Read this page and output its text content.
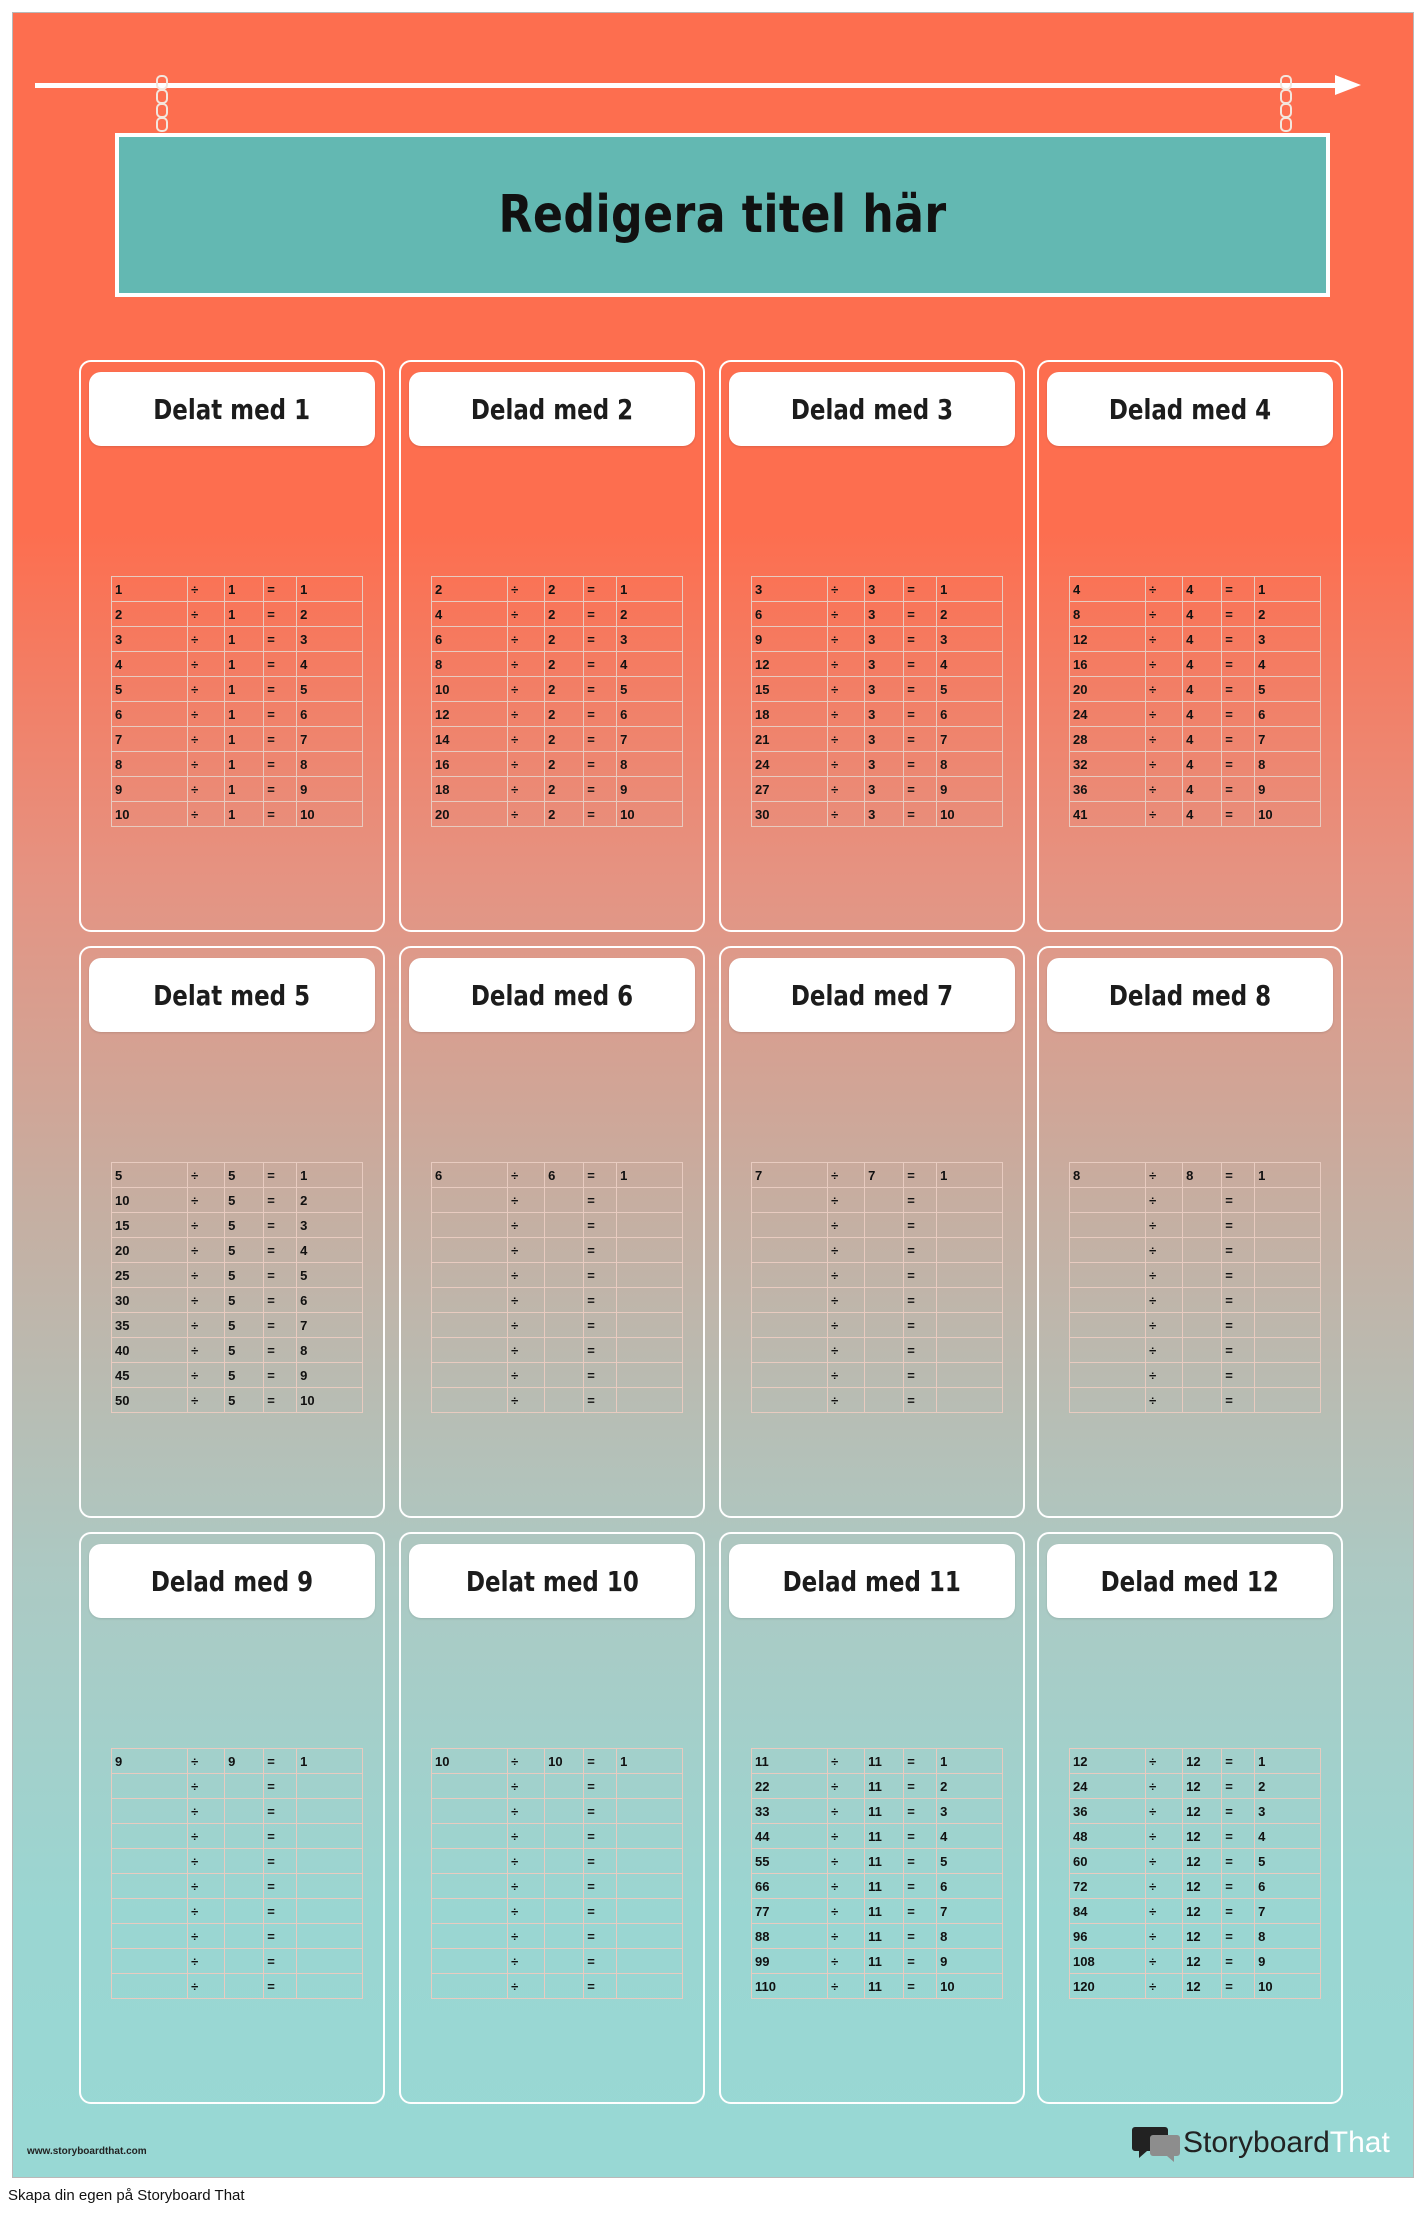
Redigera titel här
Delat med 1
1	÷	1	=	1
2	÷	1	=	2
3	÷	1	=	3
4	÷	1	=	4
5	÷	1	=	5
6	÷	1	=	6
7	÷	1	=	7
8	÷	1	=	8
9	÷	1	=	9
10	÷	1	=	10
Delad med 2
2	÷	2	=	1
4	÷	2	=	2
6	÷	2	=	3
8	÷	2	=	4
10	÷	2	=	5
12	÷	2	=	6
14	÷	2	=	7
16	÷	2	=	8
18	÷	2	=	9
20	÷	2	=	10
Delad med 3
3	÷	3	=	1
6	÷	3	=	2
9	÷	3	=	3
12	÷	3	=	4
15	÷	3	=	5
18	÷	3	=	6
21	÷	3	=	7
24	÷	3	=	8
27	÷	3	=	9
30	÷	3	=	10
Delad med 4
4	÷	4	=	1
8	÷	4	=	2
12	÷	4	=	3
16	÷	4	=	4
20	÷	4	=	5
24	÷	4	=	6
28	÷	4	=	7
32	÷	4	=	8
36	÷	4	=	9
41	÷	4	=	10
Delat med 5
5	÷	5	=	1
10	÷	5	=	2
15	÷	5	=	3
20	÷	5	=	4
25	÷	5	=	5
30	÷	5	=	6
35	÷	5	=	7
40	÷	5	=	8
45	÷	5	=	9
50	÷	5	=	10
Delad med 6
6	÷	6	=	1
	÷		=	
	÷		=	
	÷		=	
	÷		=	
	÷		=	
	÷		=	
	÷		=	
	÷		=	
	÷		=	
Delad med 7
7	÷	7	=	1
	÷		=	
	÷		=	
	÷		=	
	÷		=	
	÷		=	
	÷		=	
	÷		=	
	÷		=	
	÷		=	
Delad med 8
8	÷	8	=	1
	÷		=	
	÷		=	
	÷		=	
	÷		=	
	÷		=	
	÷		=	
	÷		=	
	÷		=	
	÷		=	
Delad med 9
9	÷	9	=	1
	÷		=	
	÷		=	
	÷		=	
	÷		=	
	÷		=	
	÷		=	
	÷		=	
	÷		=	
	÷		=	
Delat med 10
10	÷	10	=	1
	÷		=	
	÷		=	
	÷		=	
	÷		=	
	÷		=	
	÷		=	
	÷		=	
	÷		=	
	÷		=	
Delad med 11
11	÷	11	=	1
22	÷	11	=	2
33	÷	11	=	3
44	÷	11	=	4
55	÷	11	=	5
66	÷	11	=	6
77	÷	11	=	7
88	÷	11	=	8
99	÷	11	=	9
110	÷	11	=	10
Delad med 12
12	÷	12	=	1
24	÷	12	=	2
36	÷	12	=	3
48	÷	12	=	4
60	÷	12	=	5
72	÷	12	=	6
84	÷	12	=	7
96	÷	12	=	8
108	÷	12	=	9
120	÷	12	=	10
www.storyboardthat.com	Storyboard That
Skapa din egen på Storyboard That
